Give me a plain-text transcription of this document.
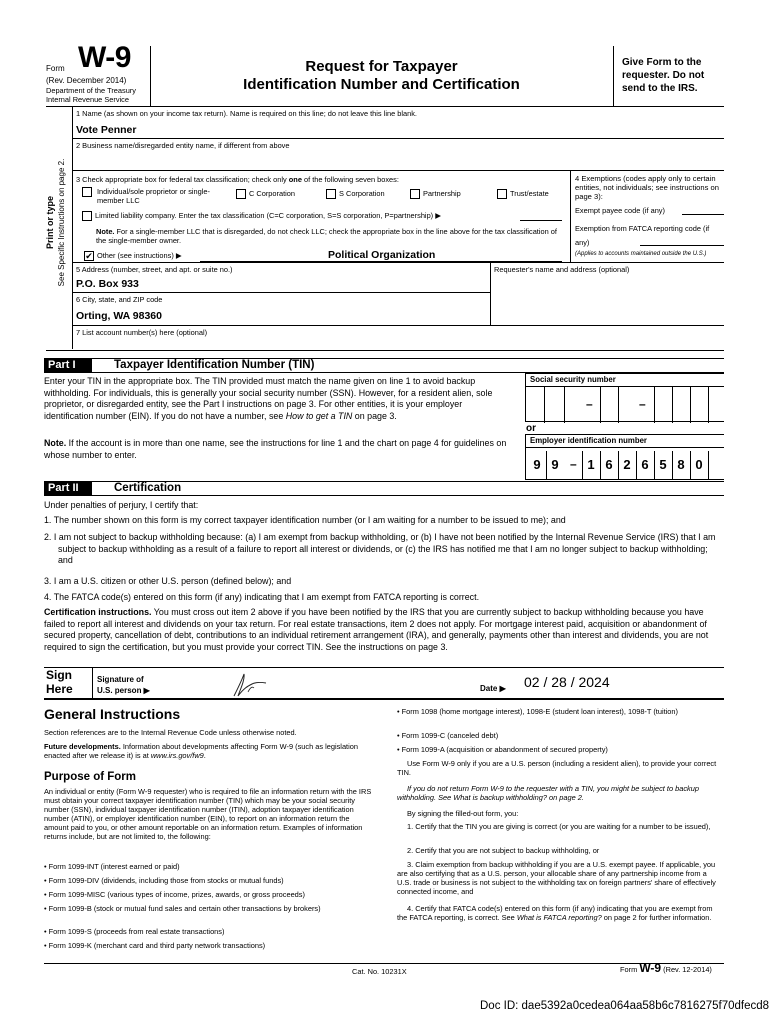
Form W-9
(Rev. December 2014)
Department of the Treasury
Internal Revenue Service
Request for Taxpayer
Identification Number and Certification
Give Form to the requester. Do not send to the IRS.
Print or type See Specific Instructions on page 2.
1 Name (as shown on your income tax return). Name is required on this line; do not leave this line blank.
Vote Penner
2 Business name/disregarded entity name, if different from above
3 Check appropriate box for federal tax classification; check only one of the following seven boxes:
Individual/sole proprietor or single-member LLC
C Corporation	S Corporation	Partnership	Trust/estate
Limited liability company. Enter the tax classification (C=C corporation, S=S corporation, P=partnership) ▶
Note. For a single-member LLC that is disregarded, do not check LLC; check the appropriate box in the line above for the tax classification of the single-member owner.
✔ Other (see instructions) ▶	Political Organization
4 Exemptions (codes apply only to certain entities, not individuals; see instructions on page 3):
Exempt payee code (if any)
Exemption from FATCA reporting code (if any)
(Applies to accounts maintained outside the U.S.)
5 Address (number, street, and apt. or suite no.)
P.O. Box 933
Requester's name and address (optional)
6 City, state, and ZIP code
Orting, WA 98360
7 List account number(s) here (optional)
Part I	Taxpayer Identification Number (TIN)
Enter your TIN in the appropriate box. The TIN provided must match the name given on line 1 to avoid backup withholding. For individuals, this is generally your social security number (SSN). However, for a resident alien, sole proprietor, or disregarded entity, see the Part I instructions on page 3. For other entities, it is your employer identification number (EIN). If you do not have a number, see How to get a TIN on page 3.
Note. If the account is in more than one name, see the instructions for line 1 and the chart on page 4 for guidelines on whose number to enter.
Social security number
–	–
or
Employer identification number
9 9 – 1 6 2 6 5 8 0
Part II	Certification
Under penalties of perjury, I certify that:
1. The number shown on this form is my correct taxpayer identification number (or I am waiting for a number to be issued to me); and
2. I am not subject to backup withholding because: (a) I am exempt from backup withholding, or (b) I have not been notified by the Internal Revenue Service (IRS) that I am subject to backup withholding as a result of a failure to report all interest or dividends, or (c) the IRS has notified me that I am no longer subject to backup withholding; and
3. I am a U.S. citizen or other U.S. person (defined below); and
4. The FATCA code(s) entered on this form (if any) indicating that I am exempt from FATCA reporting is correct.
Certification instructions. You must cross out item 2 above if you have been notified by the IRS that you are currently subject to backup withholding because you have failed to report all interest and dividends on your tax return. For real estate transactions, item 2 does not apply. For mortgage interest paid, acquisition or abandonment of secured property, cancellation of debt, contributions to an individual retirement arrangement (IRA), and generally, payments other than interest and dividends, you are not required to sign the certification, but you must provide your correct TIN. See the instructions on page 3.
Sign Here
Signature of
U.S. person ▶	Date ▶ 02 / 28 / 2024
General Instructions
Section references are to the Internal Revenue Code unless otherwise noted.
Future developments. Information about developments affecting Form W-9 (such as legislation enacted after we release it) is at www.irs.gov/fw9.
Purpose of Form
An individual or entity (Form W-9 requester) who is required to file an information return with the IRS must obtain your correct taxpayer identification number (TIN) which may be your social security number (SSN), individual taxpayer identification number (ITIN), adoption taxpayer identification number (ATIN), or employer identification number (EIN), to report on an information return the amount paid to you, or other amount reportable on an information return. Examples of information returns include, but are not limited to, the following:
• Form 1099-INT (interest earned or paid)
• Form 1099-DIV (dividends, including those from stocks or mutual funds)
• Form 1099-MISC (various types of income, prizes, awards, or gross proceeds)
• Form 1099-B (stock or mutual fund sales and certain other transactions by brokers)
• Form 1099-S (proceeds from real estate transactions)
• Form 1099-K (merchant card and third party network transactions)
• Form 1098 (home mortgage interest), 1098-E (student loan interest), 1098-T (tuition)
• Form 1099-C (canceled debt)
• Form 1099-A (acquisition or abandonment of secured property)
Use Form W-9 only if you are a U.S. person (including a resident alien), to provide your correct TIN.
If you do not return Form W-9 to the requester with a TIN, you might be subject to backup withholding. See What is backup withholding? on page 2.
By signing the filled-out form, you:
1. Certify that the TIN you are giving is correct (or you are waiting for a number to be issued),
2. Certify that you are not subject to backup withholding, or
3. Claim exemption from backup withholding if you are a U.S. exempt payee. If applicable, you are also certifying that as a U.S. person, your allocable share of any partnership income from a U.S. trade or business is not subject to the withholding tax on foreign partners' share of effectively connected income, and
4. Certify that FATCA code(s) entered on this form (if any) indicating that you are exempt from the FATCA reporting, is correct. See What is FATCA reporting? on page 2 for further information.
Cat. No. 10231X	Form W-9 (Rev. 12-2014)
Doc ID: dae5392a0cedea064aa58b6c7816275f70dfecd8
